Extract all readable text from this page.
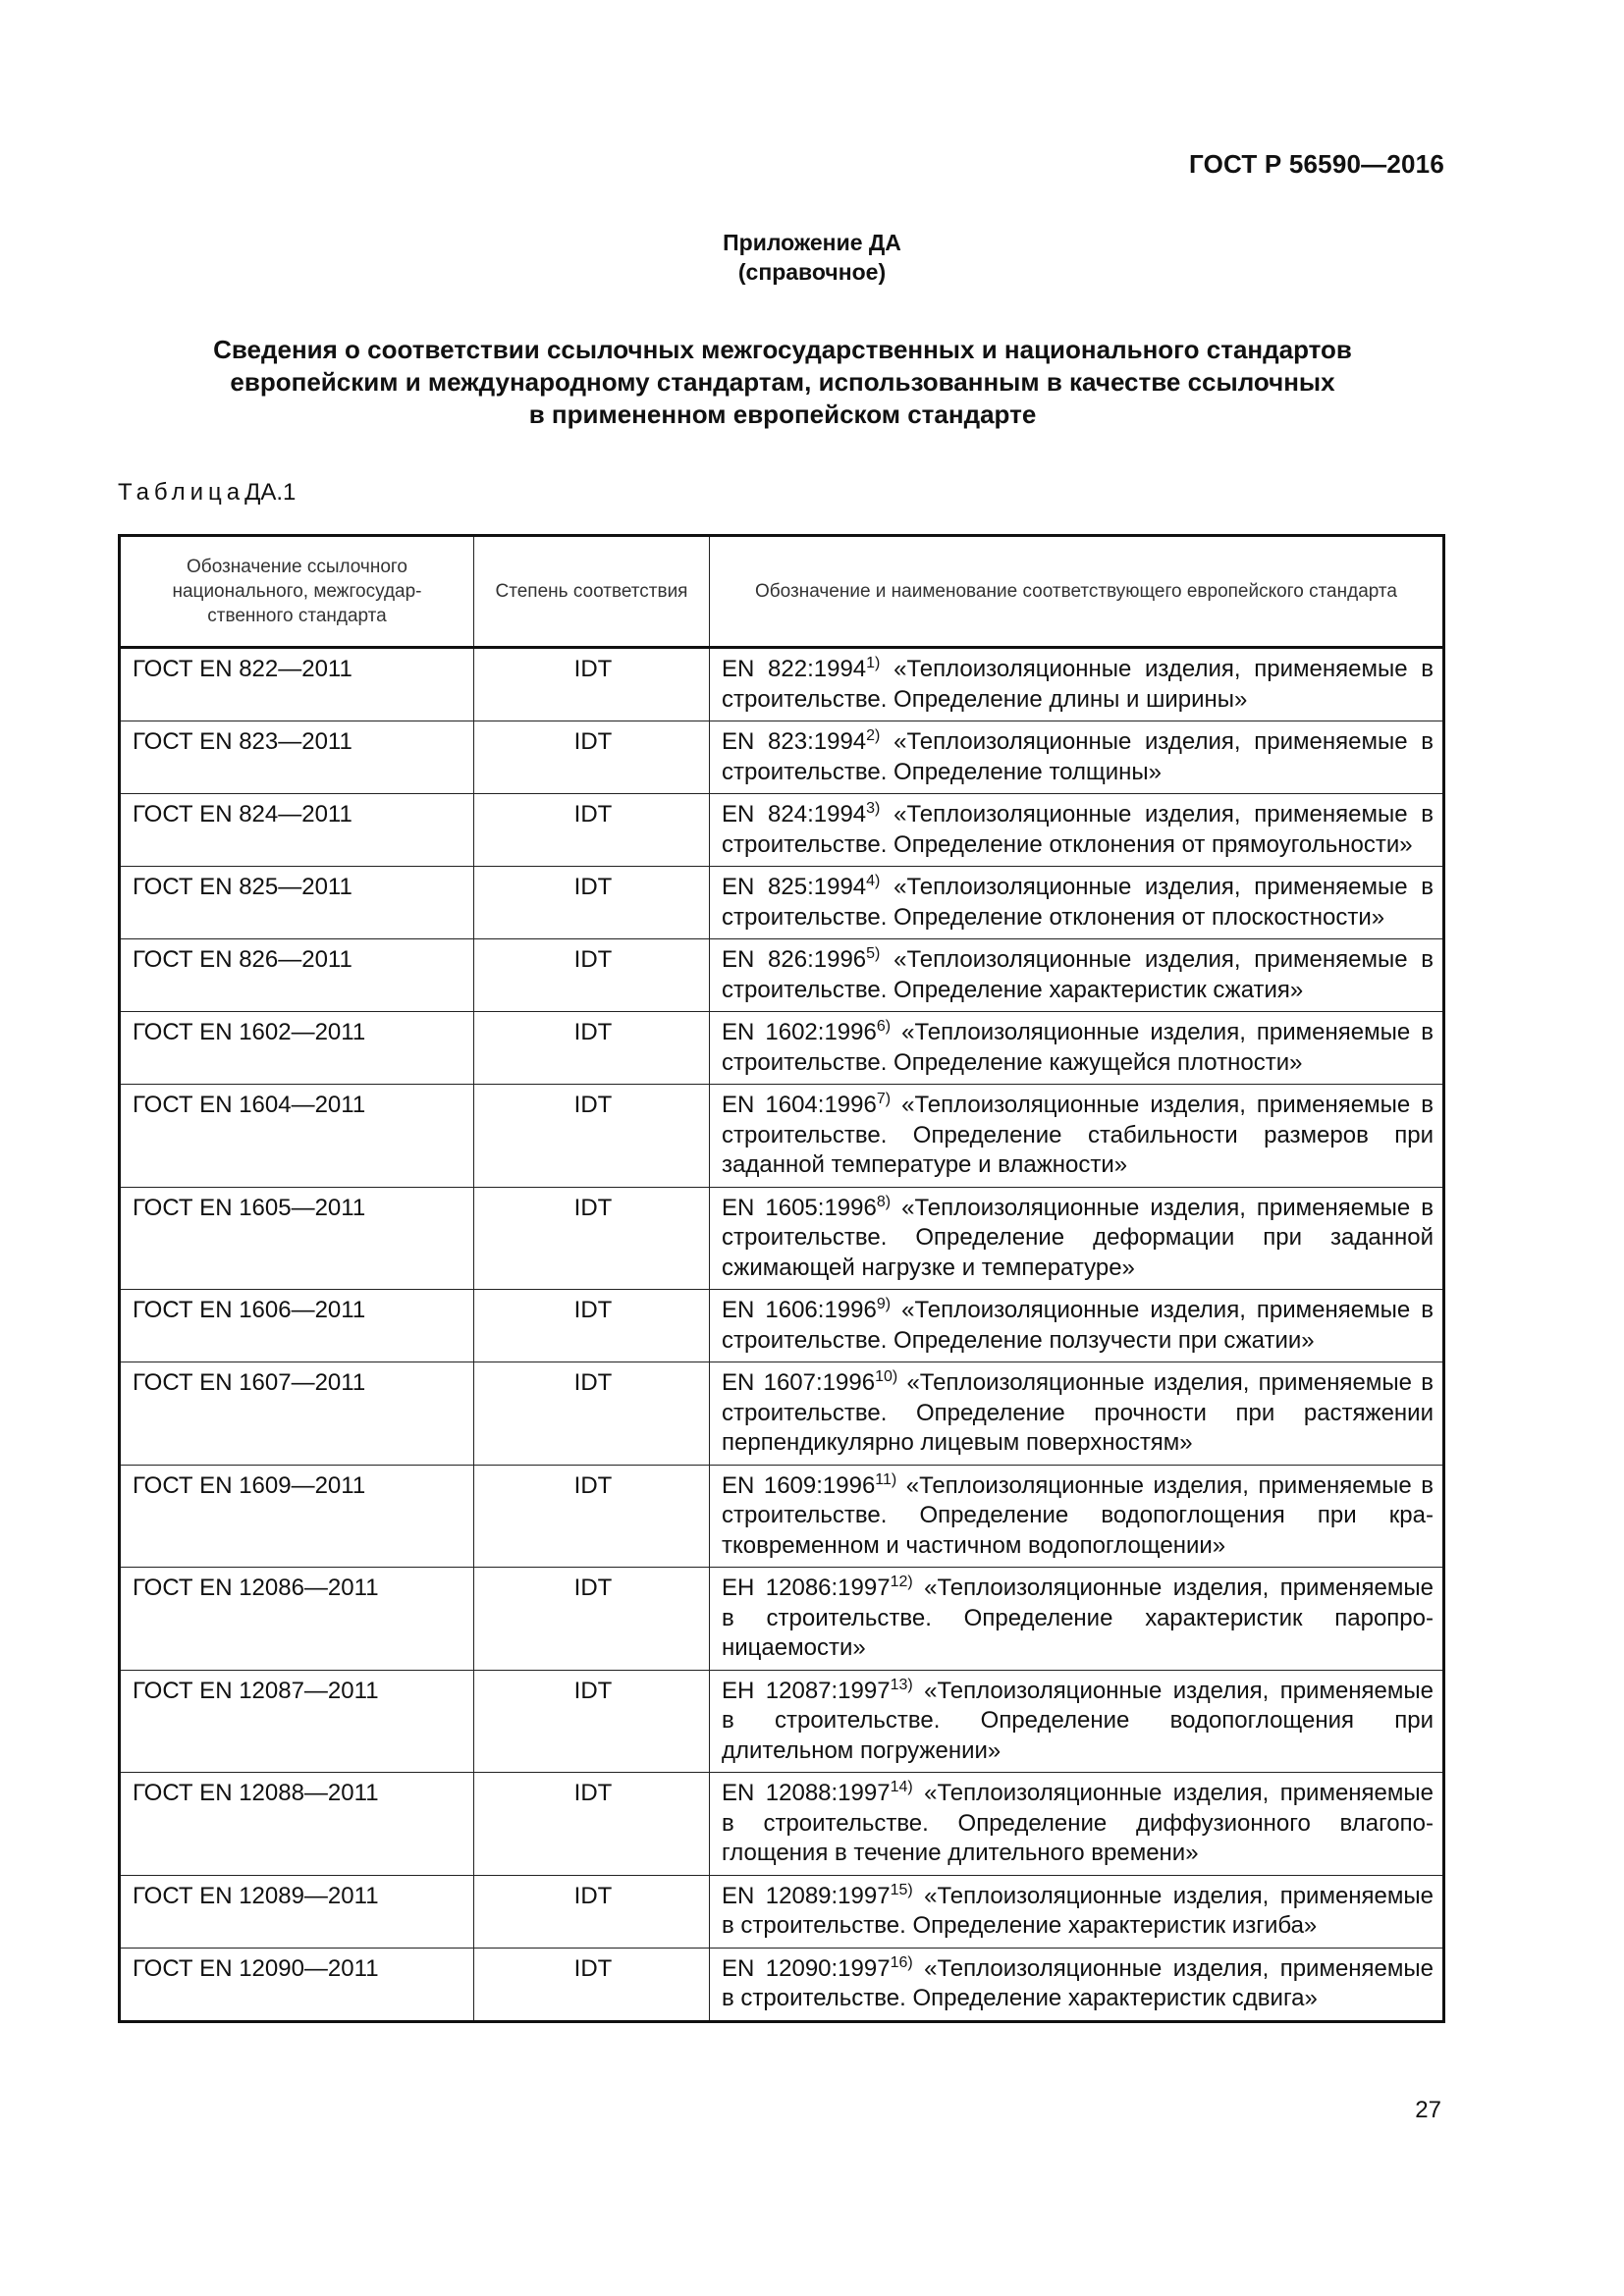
ГОСТ Р 56590—2016
Приложение ДА
(справочное)
Сведения о соответствии ссылочных межгосударственных и национального стандартов
европейским и международному стандартам, использованным в качестве ссылочных
в примененном европейском стандарте
ТаблицаДА.1
Обозначение ссылочного национального, межгосудар-ственного стандарта	Степень соответствия	Обозначение и наименование соответствующего европейского стандарта
ГОСТ EN 822—2011	IDT	EN 822:1994$^{1)}$ «Теплоизоляционные изделия, применяемые в строительстве. Определение длины и ширины»
ГОСТ EN 823—2011	IDT	EN 823:1994$^{2)}$ «Теплоизоляционные изделия, применяемые в строительстве. Определение толщины»
ГОСТ EN 824—2011	IDT	EN 824:1994$^{3)}$ «Теплоизоляционные изделия, применяемые в строительстве. Определение отклонения от прямоугольности»
ГОСТ EN 825—2011	IDT	EN 825:1994$^{4)}$ «Теплоизоляционные изделия, применяемые в строительстве. Определение отклонения от плоскостности»
ГОСТ EN 826—2011	IDT	EN 826:1996$^{5)}$ «Теплоизоляционные изделия, применяемые в строительстве. Определение характеристик сжатия»
ГОСТ EN 1602—2011	IDT	EN 1602:1996$^{6)}$ «Теплоизоляционные изделия, применяемые в строительстве. Определение кажущейся плотности»
ГОСТ EN 1604—2011	IDT	EN 1604:1996$^{7)}$ «Теплоизоляционные изделия, применяемые в строительстве. Определение стабильности размеров при заданной температуре и влажности»
ГОСТ EN 1605—2011	IDT	EN 1605:1996$^{8)}$ «Теплоизоляционные изделия, применяемые в строительстве. Определение деформации при заданной сжимающей нагрузке и температуре»
ГОСТ EN 1606—2011	IDT	EN 1606:1996$^{9)}$ «Теплоизоляционные изделия, применяемые в строительстве. Определение ползучести при сжатии»
ГОСТ EN 1607—2011	IDT	EN 1607:1996$^{10)}$ «Теплоизоляционные изделия, применяемые в строительстве. Определение прочности при растяжении перпендикулярно лицевым поверхностям»
ГОСТ EN 1609—2011	IDT	EN 1609:1996$^{11)}$ «Теплоизоляционные изделия, применяемые в строительстве. Определение водопоглощения при кратковременном и частичном водопоглощении»
ГОСТ EN 12086—2011	IDT	ЕН 12086:1997$^{12)}$ «Теплоизоляционные изделия, применяемые в строительстве. Определение характеристик паропроницаемости»
ГОСТ EN 12087—2011	IDT	ЕН 12087:1997$^{13)}$ «Теплоизоляционные изделия, применяемые в строительстве. Определение водопоглощения при длительном погружении»
ГОСТ EN 12088—2011	IDT	EN 12088:1997$^{14)}$ «Теплоизоляционные изделия, применяемые в строительстве. Определение диффузионного влагопоглощения в течение длительного времени»
ГОСТ EN 12089—2011	IDT	EN 12089:1997$^{15)}$ «Теплоизоляционные изделия, применяемые в строительстве. Определение характеристик изгиба»
ГОСТ EN 12090—2011	IDT	EN 12090:1997$^{16)}$ «Теплоизоляционные изделия, применяемые в строительстве. Определение характеристик сдвига»
27
